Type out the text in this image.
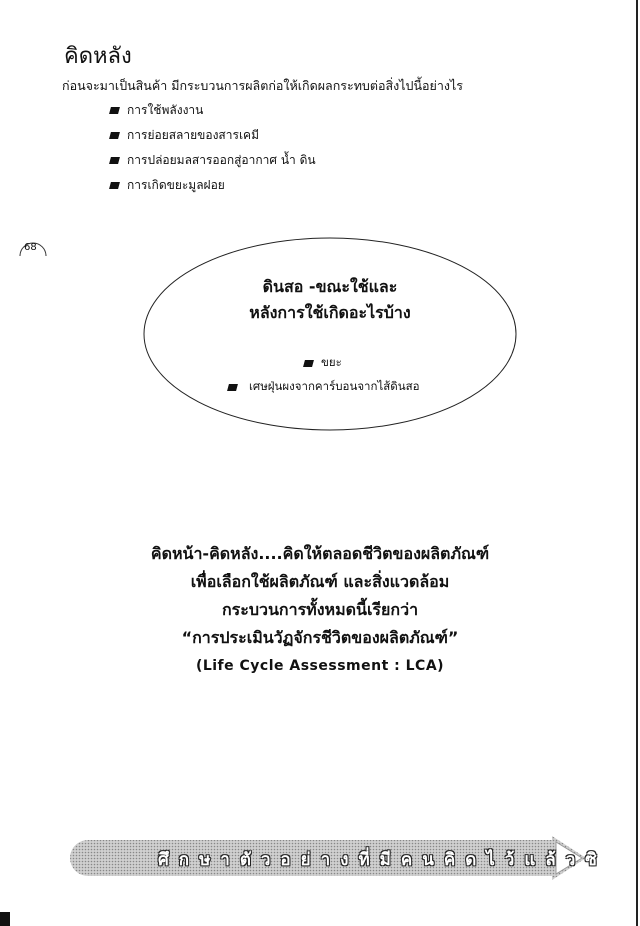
คิดหลัง
ก่อนจะมาเป็นสินค้า มีกระบวนการผลิตก่อให้เกิดผลกระทบต่อสิ่งไปนี้อย่างไร
การใช้พลังงาน
การย่อยสลายของสารเคมี
การปล่อยมลสารออกสู่อากาศ น้ำ ดิน
การเกิดขยะมูลฝอย
68
ดินสอ -ขณะใช้และ
หลังการใช้เกิดอะไรบ้าง
ขยะ
เศษฝุ่นผงจากคาร์บอนจากไส้ดินสอ
คิดหน้า-คิดหลัง....คิดให้ตลอดชีวิตของผลิตภัณฑ์
เพื่อเลือกใช้ผลิตภัณฑ์ และสิ่งแวดล้อม
กระบวนการทั้งหมดนี้เรียกว่า
“การประเมินวัฏจักรชีวิตของผลิตภัณฑ์”
(Life Cycle Assessment : LCA)
ศึกษาตัวอย่างที่มีคนคิดไว้แล้วซิ
